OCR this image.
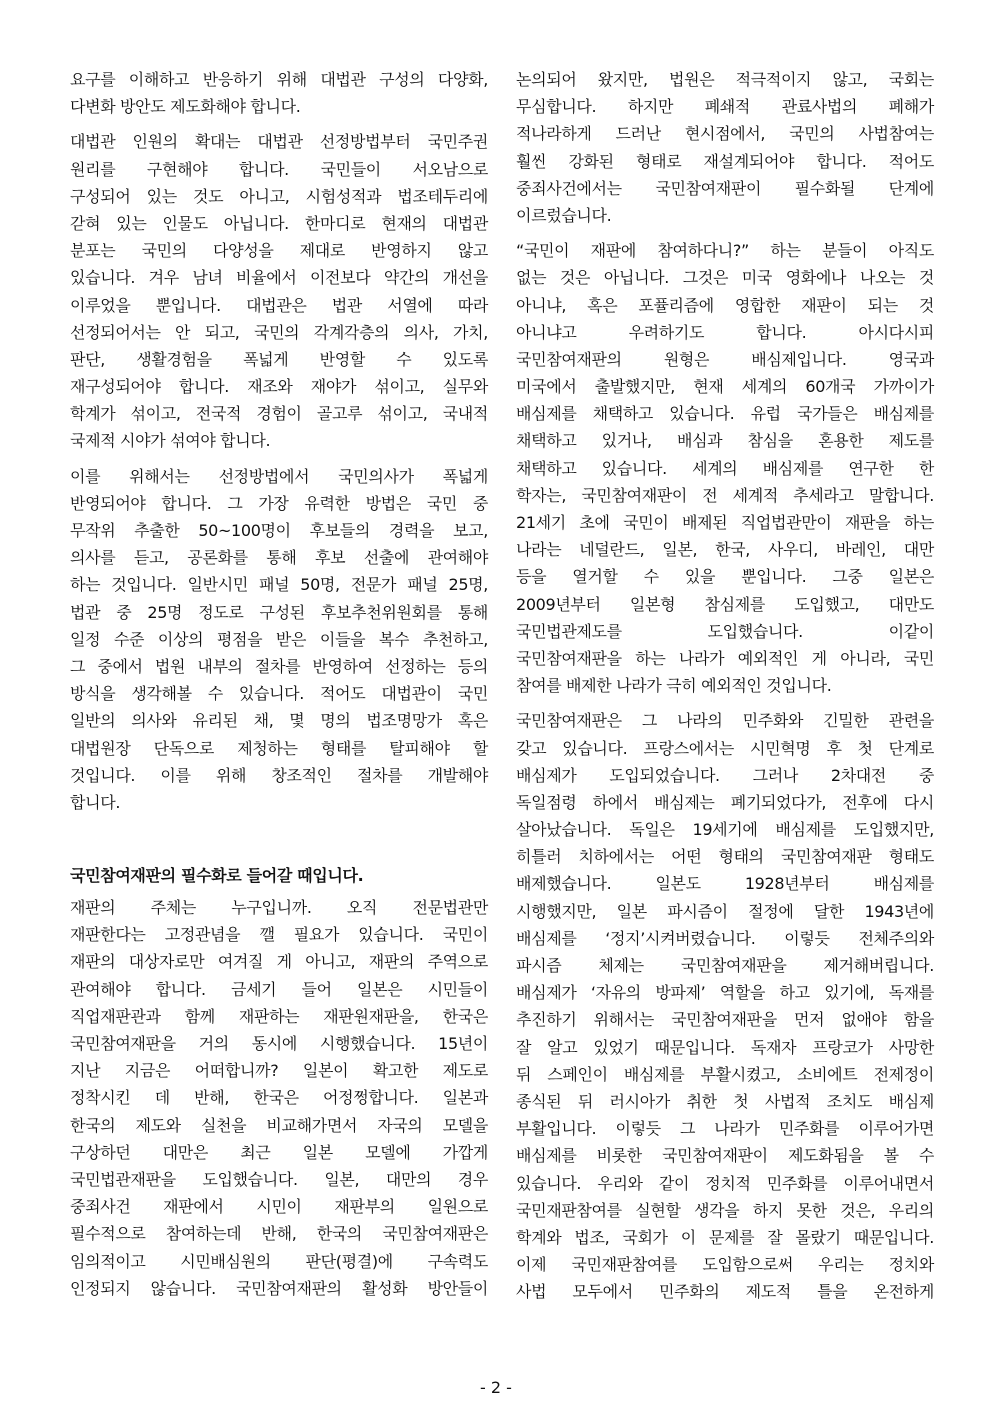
요구를 이해하고 반응하기 위해 대법관 구성의 다양화,
다변화 방안도 제도화해야 합니다.
대법관 인원의 확대는 대법관 선정방법부터 국민주권
원리를 구현해야 합니다. 국민들이 서오남으로
구성되어 있는 것도 아니고, 시험성적과 법조테두리에
갇혀 있는 인물도 아닙니다. 한마디로 현재의 대법관
분포는 국민의 다양성을 제대로 반영하지 않고
있습니다. 겨우 남녀 비율에서 이전보다 약간의 개선을
이루었을 뿐입니다. 대법관은 법관 서열에 따라
선정되어서는 안 되고, 국민의 각계각층의 의사, 가치,
판단, 생활경험을 폭넓게 반영할 수 있도록
재구성되어야 합니다. 재조와 재야가 섞이고, 실무와
학계가 섞이고, 전국적 경험이 골고루 섞이고, 국내적
국제적 시야가 섞여야 합니다.
이를 위해서는 선정방법에서 국민의사가 폭넓게
반영되어야 합니다. 그 가장 유력한 방법은 국민 중
무작위 추출한 50~100명이 후보들의 경력을 보고,
의사를 듣고, 공론화를 통해 후보 선출에 관여해야
하는 것입니다. 일반시민 패널 50명, 전문가 패널 25명,
법관 중 25명 정도로 구성된 후보추천위원회를 통해
일정 수준 이상의 평점을 받은 이들을 복수 추천하고,
그 중에서 법원 내부의 절차를 반영하여 선정하는 등의
방식을 생각해볼 수 있습니다. 적어도 대법관이 국민
일반의 의사와 유리된 채, 몇 명의 법조명망가 혹은
대법원장 단독으로 제청하는 형태를 탈피해야 할
것입니다. 이를 위해 창조적인 절차를 개발해야
합니다.
국민참여재판의 필수화로 들어갈 때입니다.
재판의 주체는 누구입니까. 오직 전문법관만
재판한다는 고정관념을 깰 필요가 있습니다. 국민이
재판의 대상자로만 여겨질 게 아니고, 재판의 주역으로
관여해야 합니다. 금세기 들어 일본은 시민들이
직업재판관과 함께 재판하는 재판원재판을, 한국은
국민참여재판을 거의 동시에 시행했습니다. 15년이
지난 지금은 어떠합니까? 일본이 확고한 제도로
정착시킨 데 반해, 한국은 어정쩡합니다. 일본과
한국의 제도와 실천을 비교해가면서 자국의 모델을
구상하던 대만은 최근 일본 모델에 가깝게
국민법관재판을 도입했습니다. 일본, 대만의 경우
중죄사건 재판에서 시민이 재판부의 일원으로
필수적으로 참여하는데 반해, 한국의 국민참여재판은
임의적이고 시민배심원의 판단(평결)에 구속력도
인정되지 않습니다. 국민참여재판의 활성화 방안들이
논의되어 왔지만, 법원은 적극적이지 않고, 국회는
무심합니다. 하지만 폐쇄적 관료사법의 폐해가
적나라하게 드러난 현시점에서, 국민의 사법참여는
훨씬 강화된 형태로 재설계되어야 합니다. 적어도
중죄사건에서는 국민참여재판이 필수화될 단계에
이르렀습니다.
“국민이 재판에 참여하다니?” 하는 분들이 아직도
없는 것은 아닙니다. 그것은 미국 영화에나 나오는 것
아니냐, 혹은 포퓰리즘에 영합한 재판이 되는 것
아니냐고 우려하기도 합니다. 아시다시피
국민참여재판의 원형은 배심제입니다. 영국과
미국에서 출발했지만, 현재 세계의 60개국 가까이가
배심제를 채택하고 있습니다. 유럽 국가들은 배심제를
채택하고 있거나, 배심과 참심을 혼용한 제도를
채택하고 있습니다. 세계의 배심제를 연구한 한
학자는, 국민참여재판이 전 세계적 추세라고 말합니다.
21세기 초에 국민이 배제된 직업법관만이 재판을 하는
나라는 네덜란드, 일본, 한국, 사우디, 바레인, 대만
등을 열거할 수 있을 뿐입니다. 그중 일본은
2009년부터 일본형 참심제를 도입했고, 대만도
국민법관제도를 도입했습니다. 이같이
국민참여재판을 하는 나라가 예외적인 게 아니라, 국민
참여를 배제한 나라가 극히 예외적인 것입니다.
국민참여재판은 그 나라의 민주화와 긴밀한 관련을
갖고 있습니다. 프랑스에서는 시민혁명 후 첫 단계로
배심제가 도입되었습니다. 그러나 2차대전 중
독일점령 하에서 배심제는 폐기되었다가, 전후에 다시
살아났습니다. 독일은 19세기에 배심제를 도입했지만,
히틀러 치하에서는 어떤 형태의 국민참여재판 형태도
배제했습니다. 일본도 1928년부터 배심제를
시행했지만, 일본 파시즘이 절정에 달한 1943년에
배심제를 ‘정지’시켜버렸습니다. 이렇듯 전체주의와
파시즘 체제는 국민참여재판을 제거해버립니다.
배심제가 ‘자유의 방파제’ 역할을 하고 있기에, 독재를
추진하기 위해서는 국민참여재판을 먼저 없애야 함을
잘 알고 있었기 때문입니다. 독재자 프랑코가 사망한
뒤 스페인이 배심제를 부활시켰고, 소비에트 전제정이
종식된 뒤 러시아가 취한 첫 사법적 조치도 배심제
부활입니다. 이렇듯 그 나라가 민주화를 이루어가면
배심제를 비롯한 국민참여재판이 제도화됨을 볼 수
있습니다. 우리와 같이 정치적 민주화를 이루어내면서
국민재판참여를 실현할 생각을 하지 못한 것은, 우리의
학계와 법조, 국회가 이 문제를 잘 몰랐기 때문입니다.
이제 국민재판참여를 도입함으로써 우리는 정치와
사법 모두에서 민주화의 제도적 틀을 온전하게
- 2 -
